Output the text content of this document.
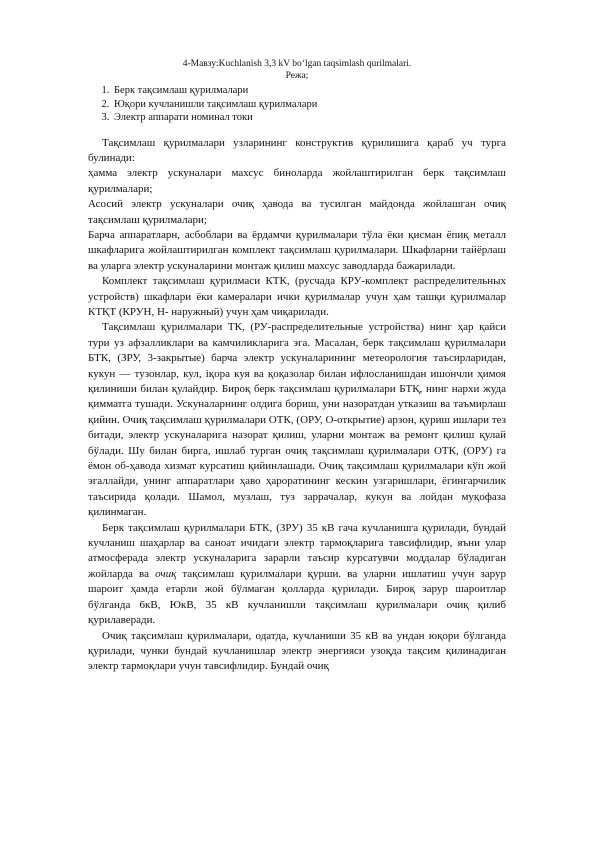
4-Мавзу:Kuchlanish 3,3 kV bo‘lgan taqsimlash qurilmalari.

Режа;

1. Берк тақсимлаш қурилмалари
2. Юқори кучланишли тақсимлаш қурилмалари
3. Электр аппарати номинал токи

Тақсимлаш қурилмалари узларининг конструктив қурилишига қараб уч турга булинади:

ҳамма электр ускуналари махсус биноларда жойлаштирилган берк тақсимлаш қурилмалари;

Асосий электр ускуналари очиқ ҳавода ва тусилган майдонда жойлашган очиқ тақсимлаш қурилмалари;

Барча аппаратларн, асбоблари ва ёрдамчи қурилмалари тўла ёки қисман ёпиқ металл шкафларига жойлаштирилган комплект тақсимлаш қурилмалари. Шкафларни тайёрлаш ва уларга электр ускуналарини монтаж қилиш махсус заводларда бажарилади.

Комплект тақсимлаш қурилмаси КТК, (русчада КРУ-комплект распределительных устройств) шкафлари ёки камералари ички қурилмалар учун ҳам ташқи қурилмалар КТҚТ (КРУН, Н- наружный) учун ҳам чиқарилади.

Тақсимлаш қурилмалари ТК, (РУ-распределительные устройства) нинг ҳар қайси тури уз афзалликлари ва камчиликларига эга. Масалан, берк тақсимлаш қурилмалари БТК, (ЗРУ, 3-закрытые) барча электр ускуналарининг метеорология таъсирларидан, кукун — тузонлар, кул, іқора куя ва қоқазолар билан ифлосланишдан ишончли ҳимоя қилиниши билан қулайдир. Бироқ берк тақсимлаш қурилмалари БТҚ, нинг нархи жуда қимматга тушади. Ускуналарнинг олдига бориш, уни назоратдан утказиш ва таъмирлаш қийин. Очиқ тақсимлаш қурилмалари ОТК, (ОРУ, О-открытие) арзон, қуриш ишлари тез битади, электр ускуналарига назорат қилиш, уларни монтаж ва ремонт қилиш қулай бўлади. Шу билан бирга, ишлаб турган очиқ тақсимлаш қурилмалари ОТК, (ОРУ) га ёмон об-ҳавода хизмат курсатиш қийинлашади. Очиқ тақсимлаш қурилмалари кўп жой эгаллайди, унинг аппаратлари ҳаво ҳароратининг кескин узгаришлари, ёгингарчилик таъсирида қолади. Шамол, музлаш, туз заррачалар, кукун ва лойдан муқофаза қилинмаган.

Берк тақсимлаш қурилмалари БТК, (ЗРУ) 35 кВ гача кучланишга қурилади, бундай кучланиш шаҳарлар ва саноат ичидаги электр тармоқларига тавсифлидир, яъни улар атмосферада электр ускуналарига зарарли таъсир курсатувчи моддалар бўладиган жойларда ва очиқ тақсимлаш қурилмалари қурши. ва уларни ишлатиш учун зарур шароит ҳамда етарли жой бўлмаган қолларда қурилади. Бироқ зарур шароитлар бўлганда 6кВ, ЮкВ, 35 кВ кучланишли тақсимлаш қурилмалари очиқ қилиб қурилаверади.

Очиқ тақсимлаш қурилмалари, одатда, кучланиши 35 кВ ва ундан юқори бўлганда қурилади, чунки бундай кучланишлар электр энергияси узоқда тақсим қилинадиган электр тармоқлари учун тавсифлидир. Бундай очиқ
